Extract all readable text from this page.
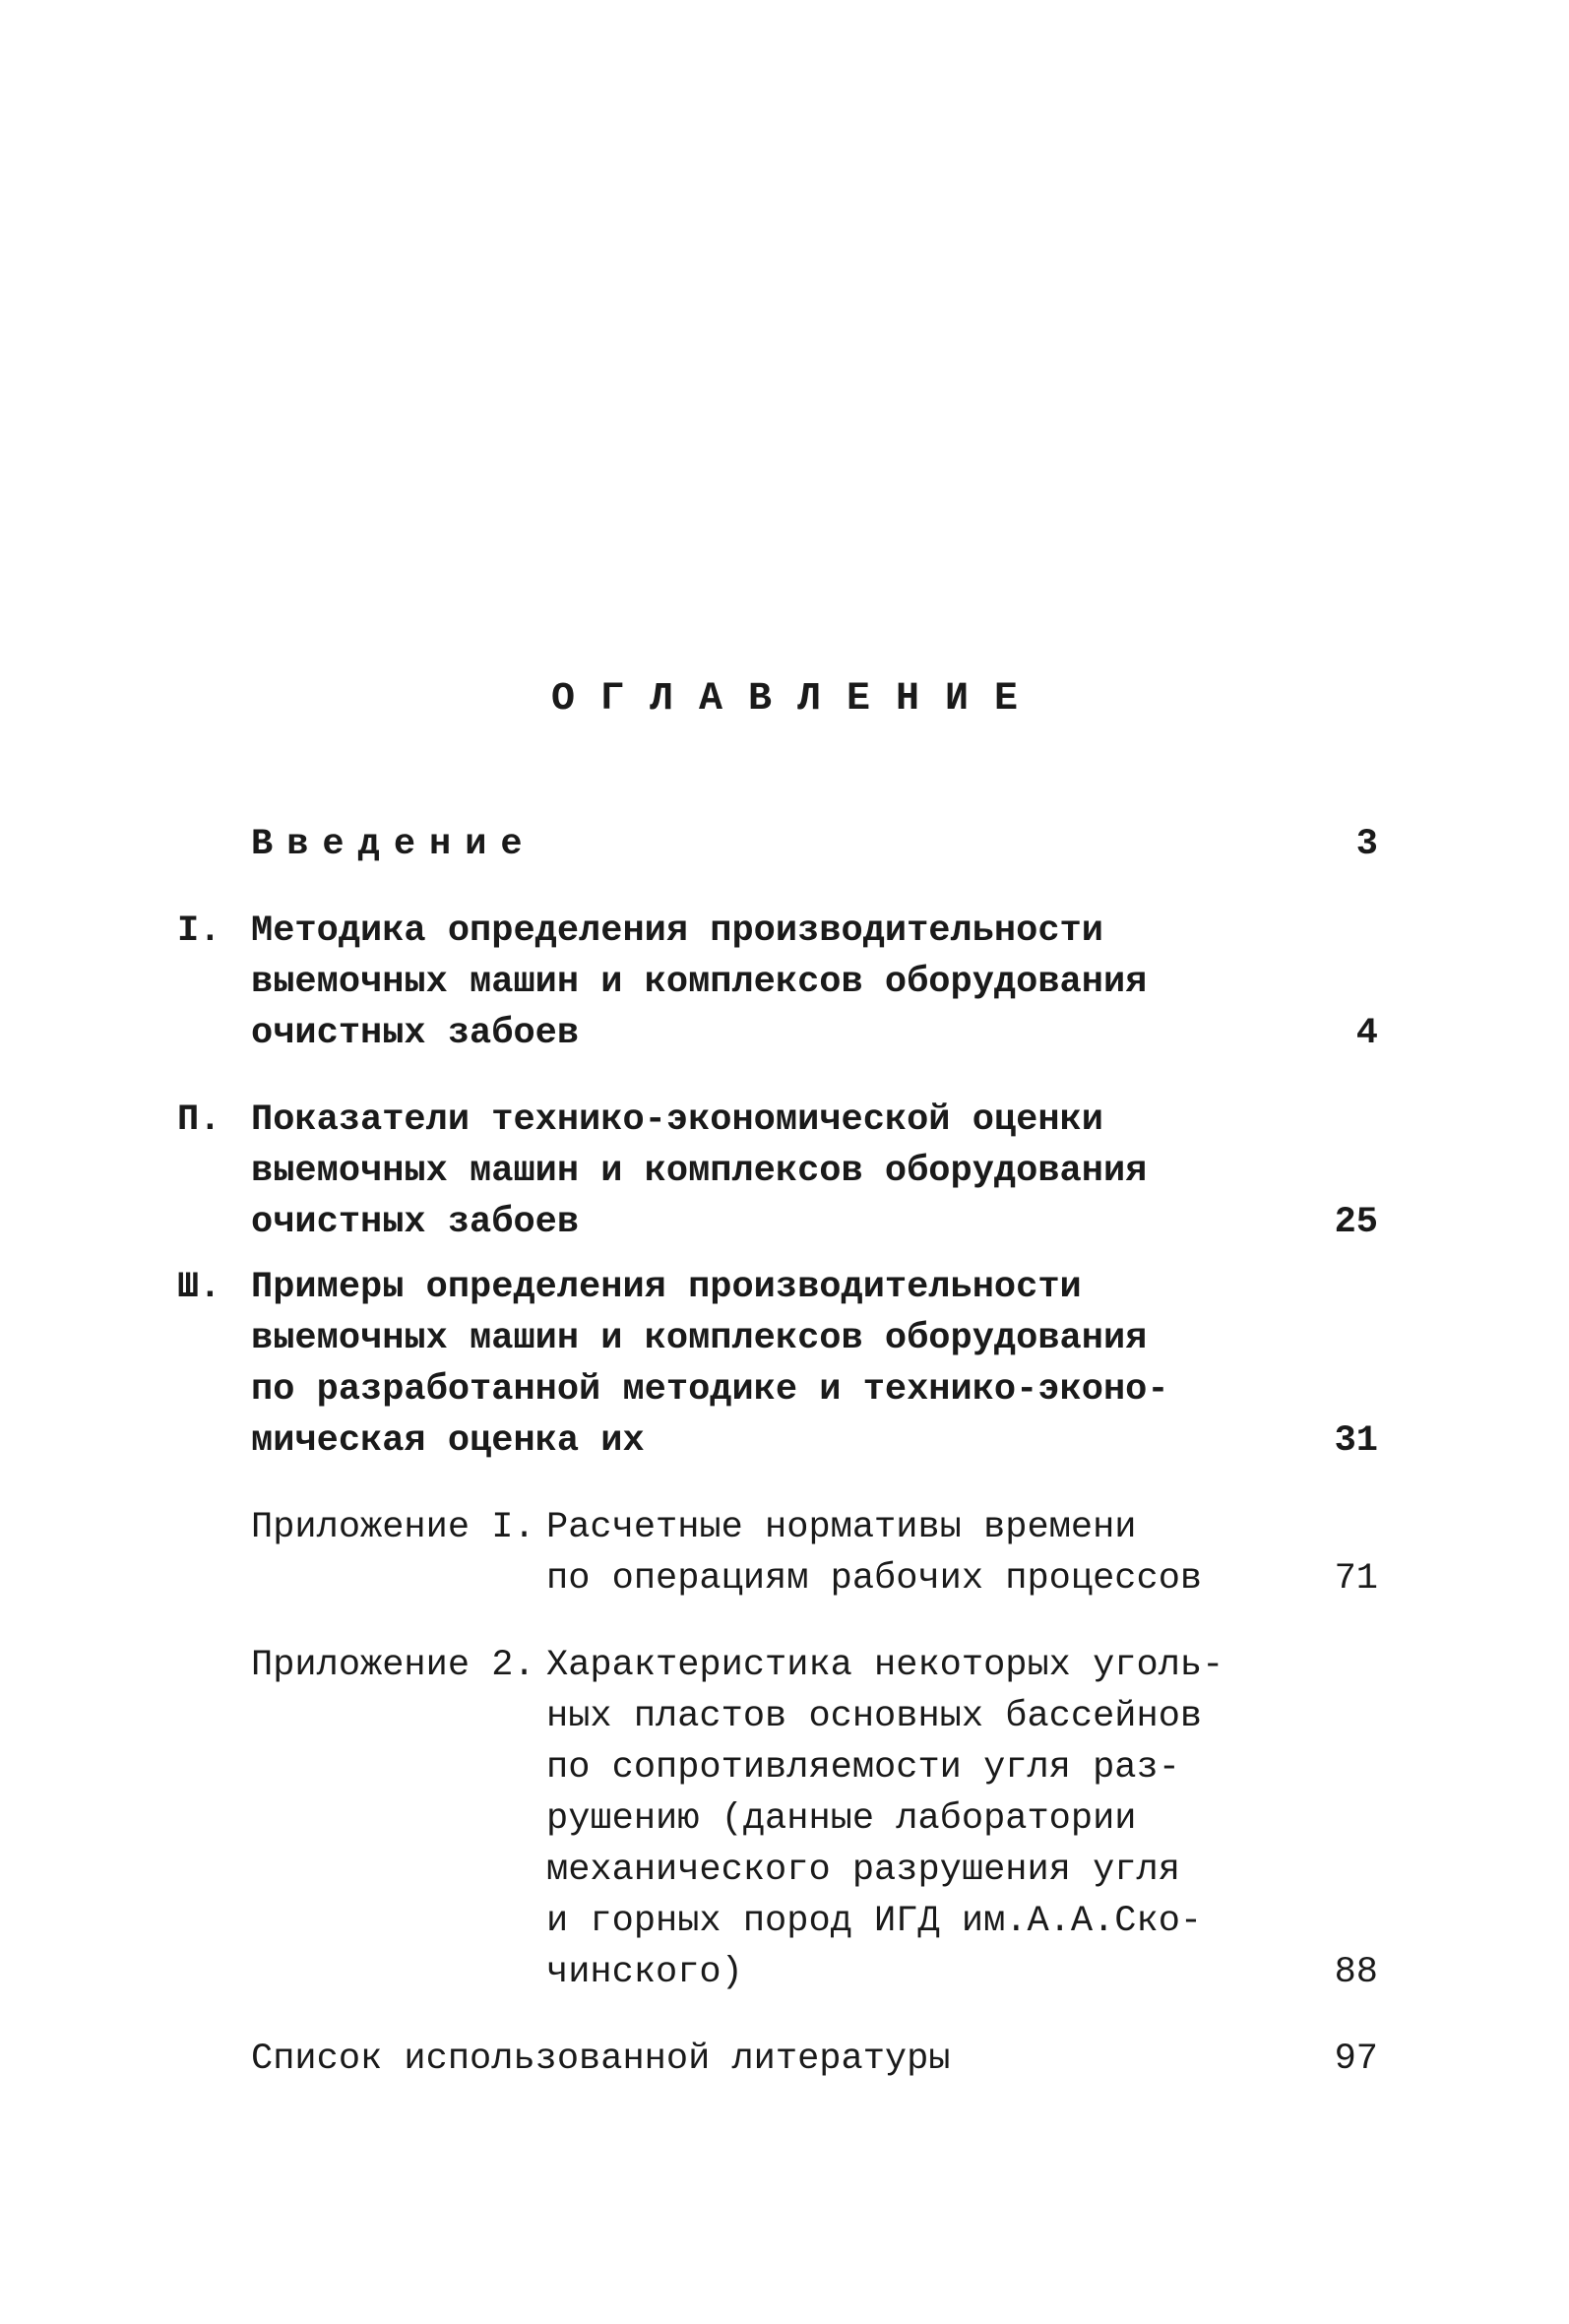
ОГЛАВЛЕНИЕ
Введение	3
I. Методика определения производительности
выемочных машин и комплексов оборудования
очистных забоев	4
П. Показатели технико-экономической оценки
выемочных машин и комплексов оборудования
очистных забоев	25
Ш. Примеры определения производительности
выемочных машин и комплексов оборудования
по разработанной методике и технико-эконо-
мическая оценка их	31
Приложение I. Расчетные нормативы времени
по операциям рабочих процессов	71
Приложение 2. Характеристика некоторых уголь-
ных пластов основных бассейнов
по сопротивляемости угля раз-
рушению (данные лаборатории
механического разрушения угля
и горных пород ИГД им.А.А.Ско-
чинского)	88
Список использованной литературы	97
